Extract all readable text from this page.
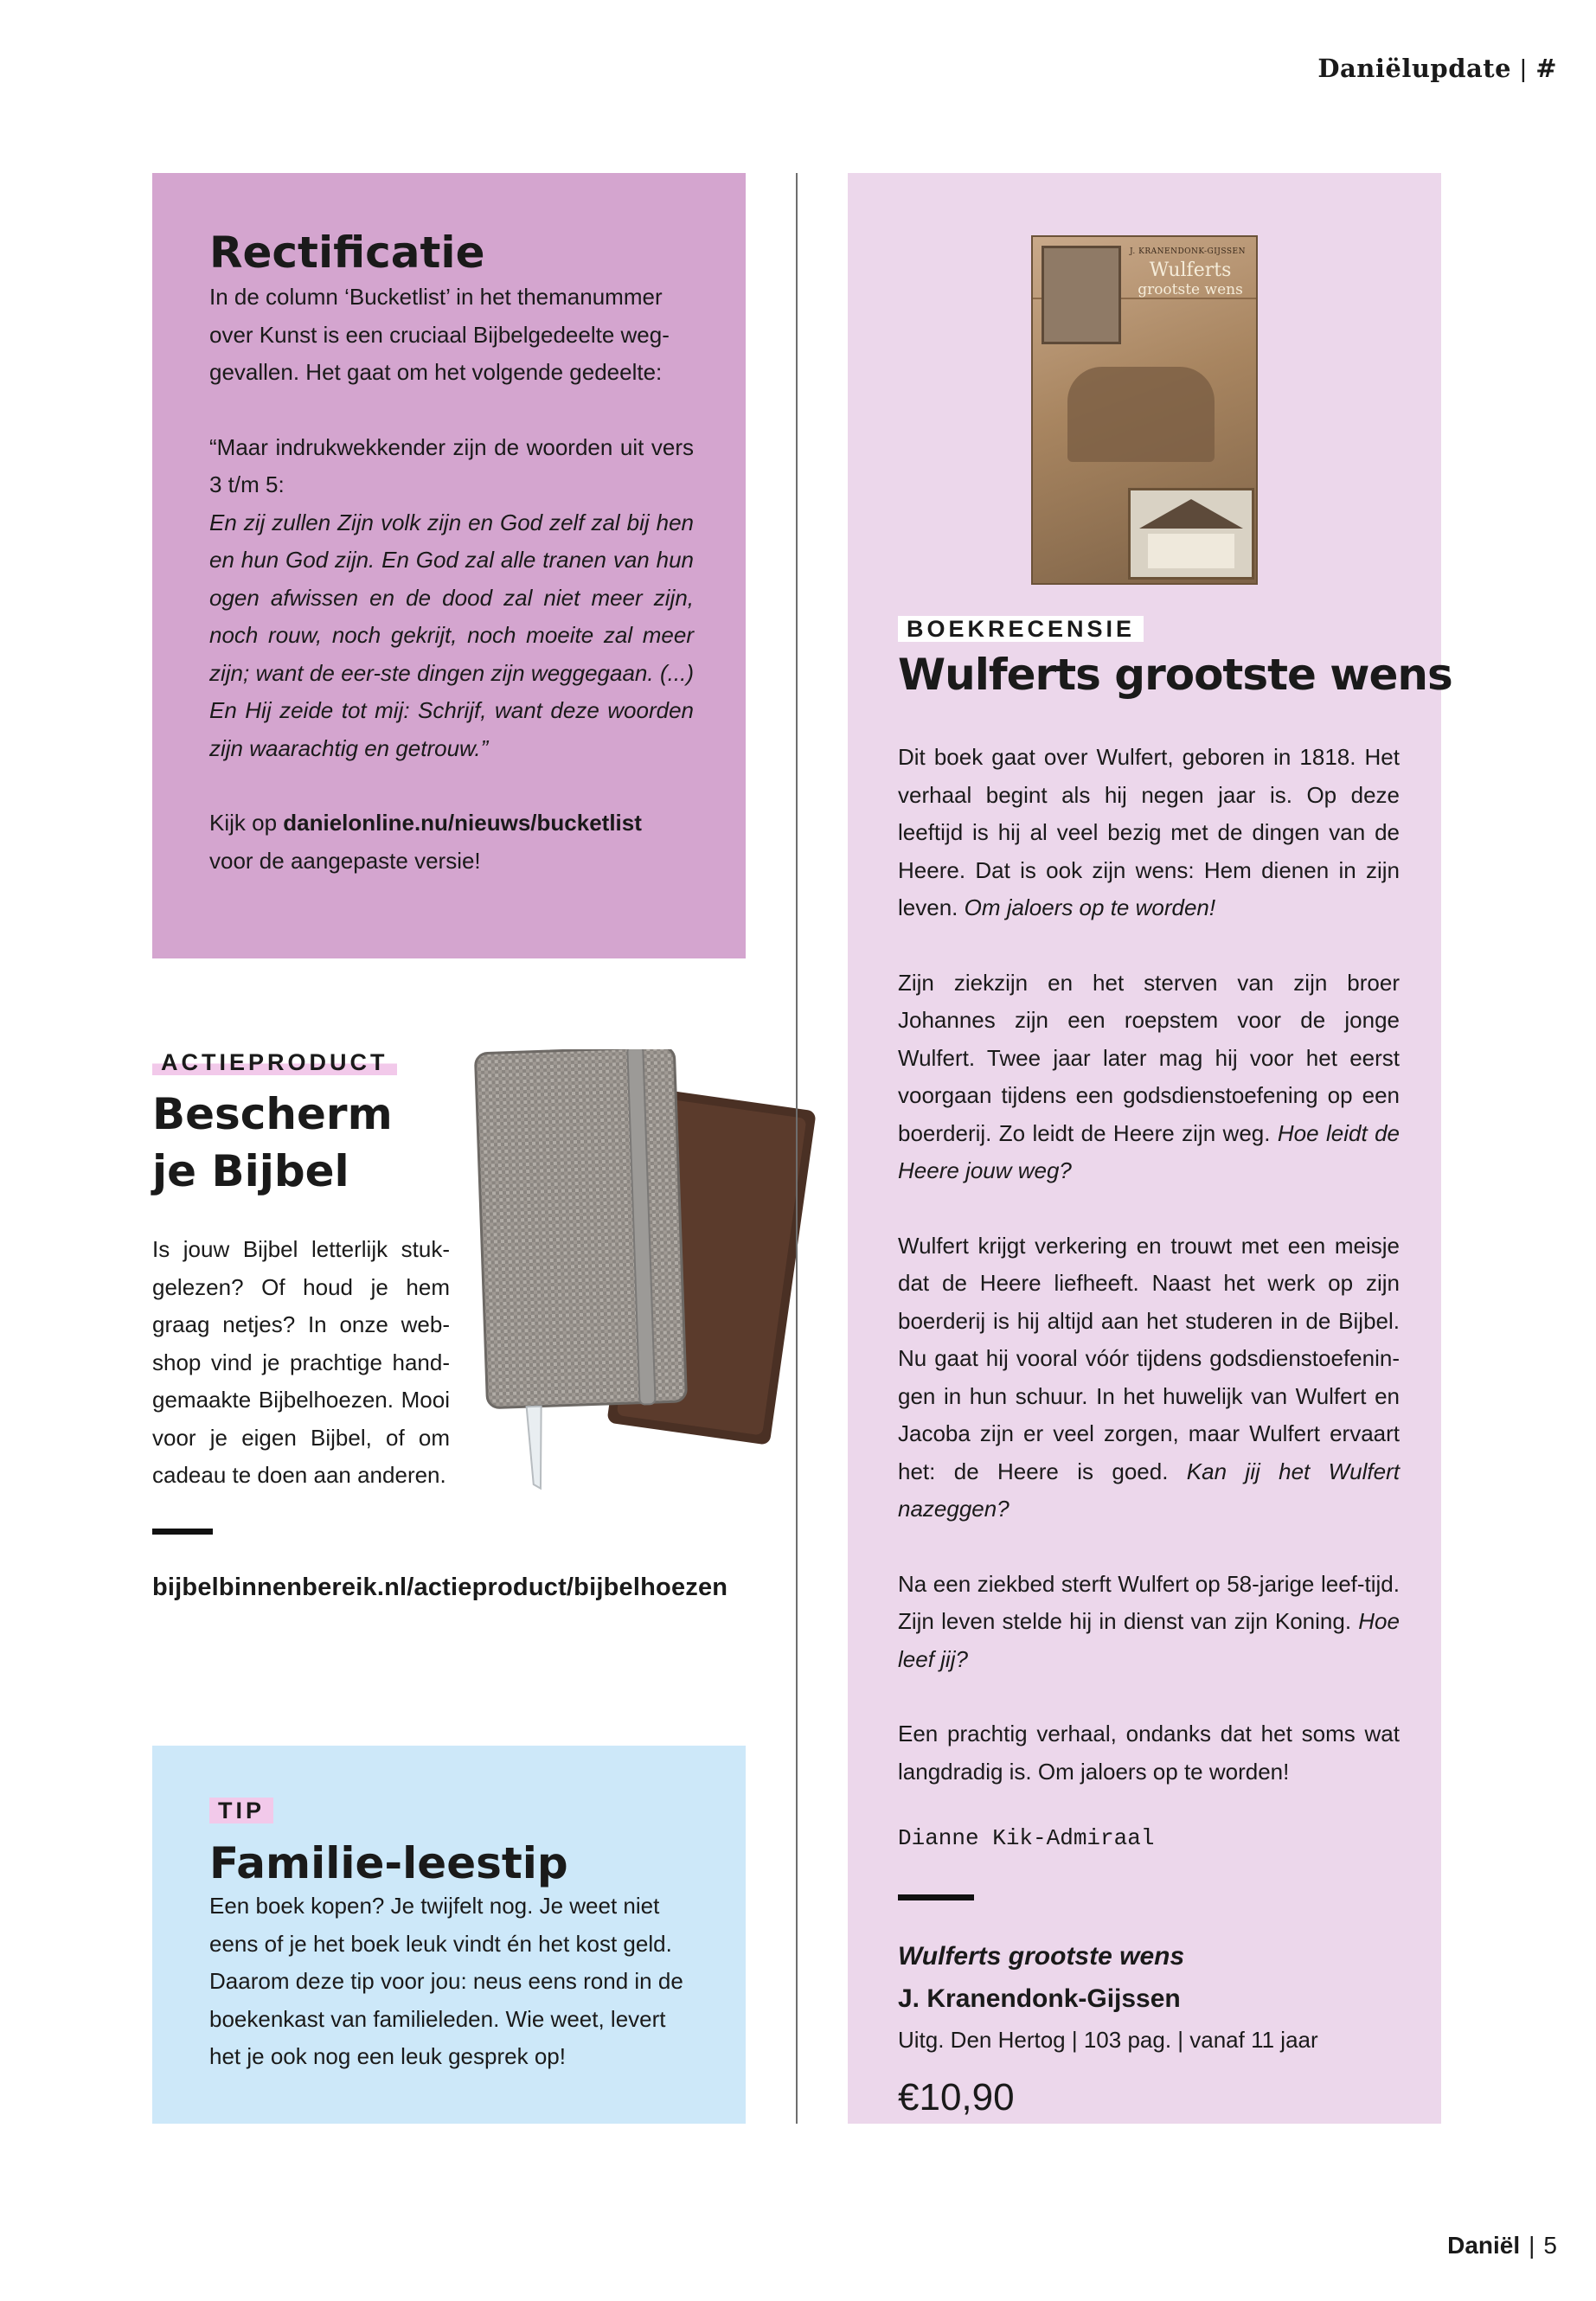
Daniëlupdate | #
Rectificatie

In de column ‘Bucketlist’ in het themanummer over Kunst is een cruciaal Bijbelgedeelte weg-gevallen. Het gaat om het volgende gedeelte:

“Maar indrukwekkender zijn de woorden uit vers 3 t/m 5:

En zij zullen Zijn volk zijn en God zelf zal bij hen en hun God zijn. En God zal alle tranen van hun ogen afwissen en de dood zal niet meer zijn, noch rouw, noch gekrijt, noch moeite zal meer zijn; want de eer-ste dingen zijn weggegaan. (...) En Hij zeide tot mij: Schrijf, want deze woorden zijn waarachtig en getrouw.”

Kijk op danielonline.nu/nieuws/bucketlist

voor de aangepaste versie!

ACTIEPRODUCT
Bescherm
je Bijbel
Is jouw Bijbel letterlijk stuk-gelezen? Of houd je hem graag netjes? In onze web-shop vind je prachtige hand-gemaakte Bijbelhoezen. Mooi voor je eigen Bijbel, of om cadeau te doen aan anderen.
bijbelbinnenbereik.nl/actieproduct/bijbelhoezen
TIP
Familie-leestip
Een boek kopen? Je twijfelt nog. Je weet niet eens of je het boek leuk vindt én het kost geld. Daarom deze tip voor jou: neus eens rond in de boekenkast van familieleden. Wie weet, levert het je ook nog een leuk gesprek op!
J. KRANENDONK-GIJSSEN
Wulferts
grootste wens
BOEKRECENSIE
Wulferts grootste wens

Dit boek gaat over Wulfert, geboren in 1818. Het verhaal begint als hij negen jaar is. Op deze leeftijd is hij al veel bezig met de dingen van de Heere. Dat is ook zijn wens: Hem dienen in zijn leven. Om jaloers op te worden!

Zijn ziekzijn en het sterven van zijn broer Johannes zijn een roepstem voor de jonge Wulfert. Twee jaar later mag hij voor het eerst voorgaan tijdens een godsdienstoefening op een boerderij. Zo leidt de Heere zijn weg. Hoe leidt de Heere jouw weg?

Wulfert krijgt verkering en trouwt met een meisje dat de Heere liefheeft. Naast het werk op zijn boerderij is hij altijd aan het studeren in de Bijbel. Nu gaat hij vooral vóór tijdens godsdienstoefenin-gen in hun schuur. In het huwelijk van Wulfert en Jacoba zijn er veel zorgen, maar Wulfert ervaart het: de Heere is goed. Kan jij het Wulfert nazeggen?

Na een ziekbed sterft Wulfert op 58-jarige leef-tijd. Zijn leven stelde hij in dienst van zijn Koning. Hoe leef jij?

Een prachtig verhaal, ondanks dat het soms wat langdradig is. Om jaloers op te worden!

Dianne Kik-Admiraal
Wulferts grootste wens
J. Kranendonk-Gijssen
Uitg. Den Hertog | 103 pag. | vanaf 11 jaar
€10,90
Daniël | 5
